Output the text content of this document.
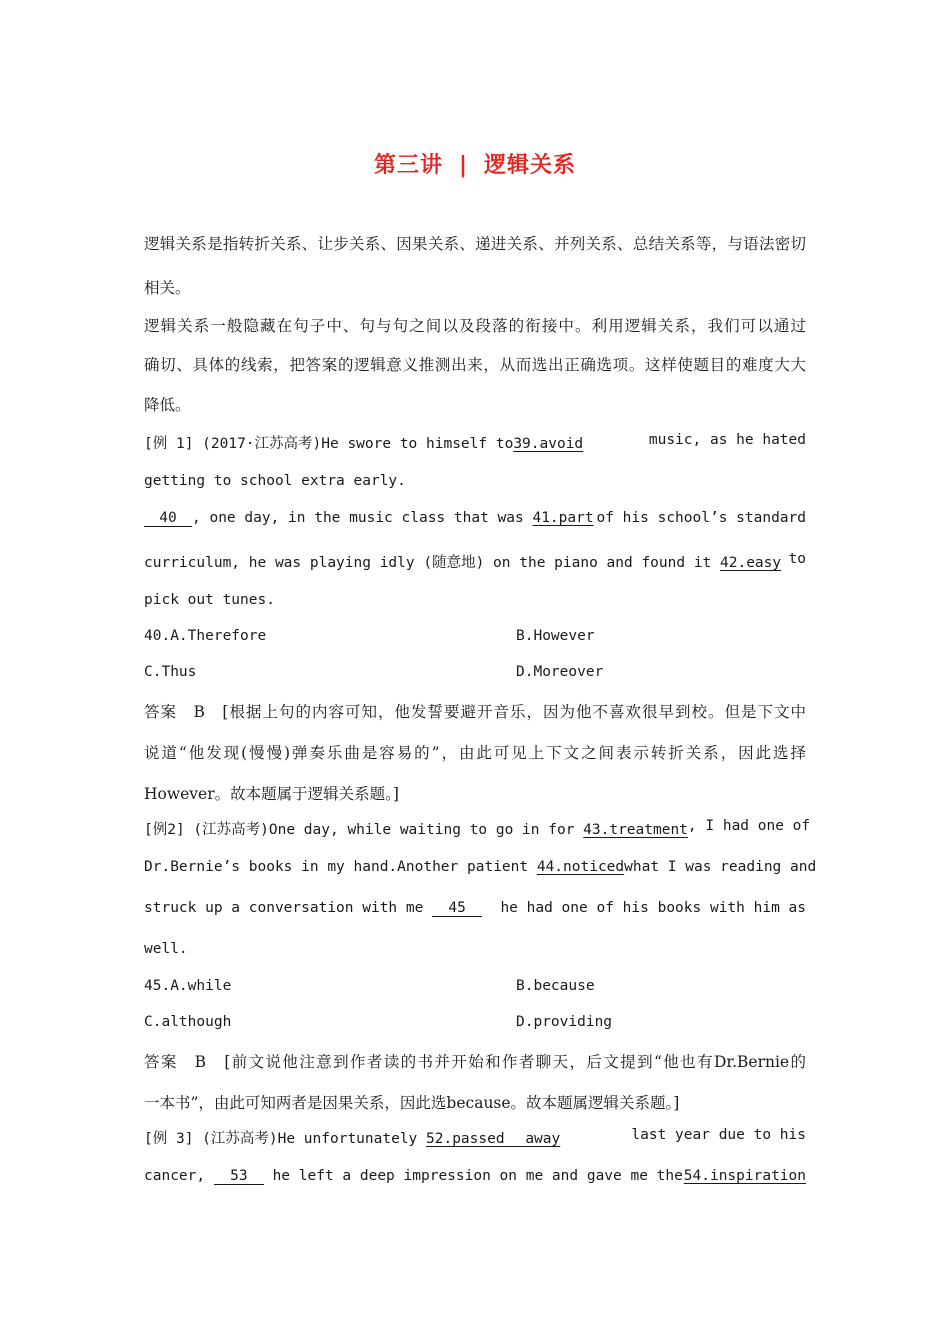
第三讲 | 逻辑关系
逻辑关系是指转折关系、让步关系、因果关系、递进关系、并列关系、总结关系等，与语法密切
相关。
逻辑关系一般隐藏在句子中、句与句之间以及段落的衔接中。利用逻辑关系，我们可以通过
确切、具体的线索，把答案的逻辑意义推测出来，从而选出正确选项。这样使题目的难度大大
降低。
[例 1] (2017·江苏高考)He swore to himself to39.avoid	music, as he hated
getting to school extra early.
40 , one day, in the music class that was 41.part of his school’s standard
curriculum, he was playing idly (随意地) on the piano and found it 42.easy to
pick out tunes.
40.A.Therefore	B.However
C.Thus	D.Moreover
答案　B　[根据上句的内容可知，他发誓要避开音乐，因为他不喜欢很早到校。但是下文中
说道“他发现(慢慢)弹奏乐曲是容易的”，由此可见上下文之间表示转折关系，因此选择
However。故本题属于逻辑关系题。]
[例2] (江苏高考)One day, while waiting to go in for 43.treatment , I had one of
Dr.Bernie’s books in my hand.Another patient 44.noticed what I was reading and
struck up a conversation with me 45	he had one of his books with him as
well.
45.A.while	B.because
C.although	D.providing
答案　B　[前文说他注意到作者读的书并开始和作者聊天，后文提到“他也有Dr.Bernie的
一本书”，由此可知两者是因果关系，因此选because。故本题属逻辑关系题。]
[例 3] (江苏高考)He unfortunately 52.passed away	last year due to his
cancer, 53 he left a deep impression on me and gave me the 54.inspiration
